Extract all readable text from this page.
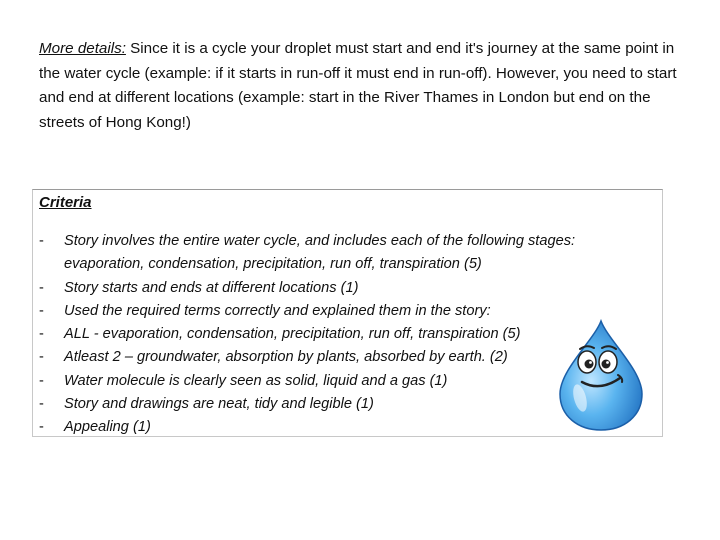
More details: Since it is a cycle your droplet must start and end it's journey at the same point in the water cycle (example: if it starts in run-off it must end in run-off). However, you need to start and end at different locations (example: start in the River Thames in London but end on the streets of Hong Kong!)
Criteria
- Story involves the entire water cycle, and includes each of the following stages:
evaporation, condensation, precipitation, run off, transpiration (5)
- Story starts and ends at different locations (1)
- Used the required terms correctly and explained them in the story:
- ALL - evaporation, condensation, precipitation, run off, transpiration (5)
- Atleast 2 – groundwater, absorption by plants, absorbed by earth. (2)
- Water molecule is clearly seen as solid, liquid and a gas (1)
- Story and drawings are neat, tidy and legible (1)
- Appealing (1)
